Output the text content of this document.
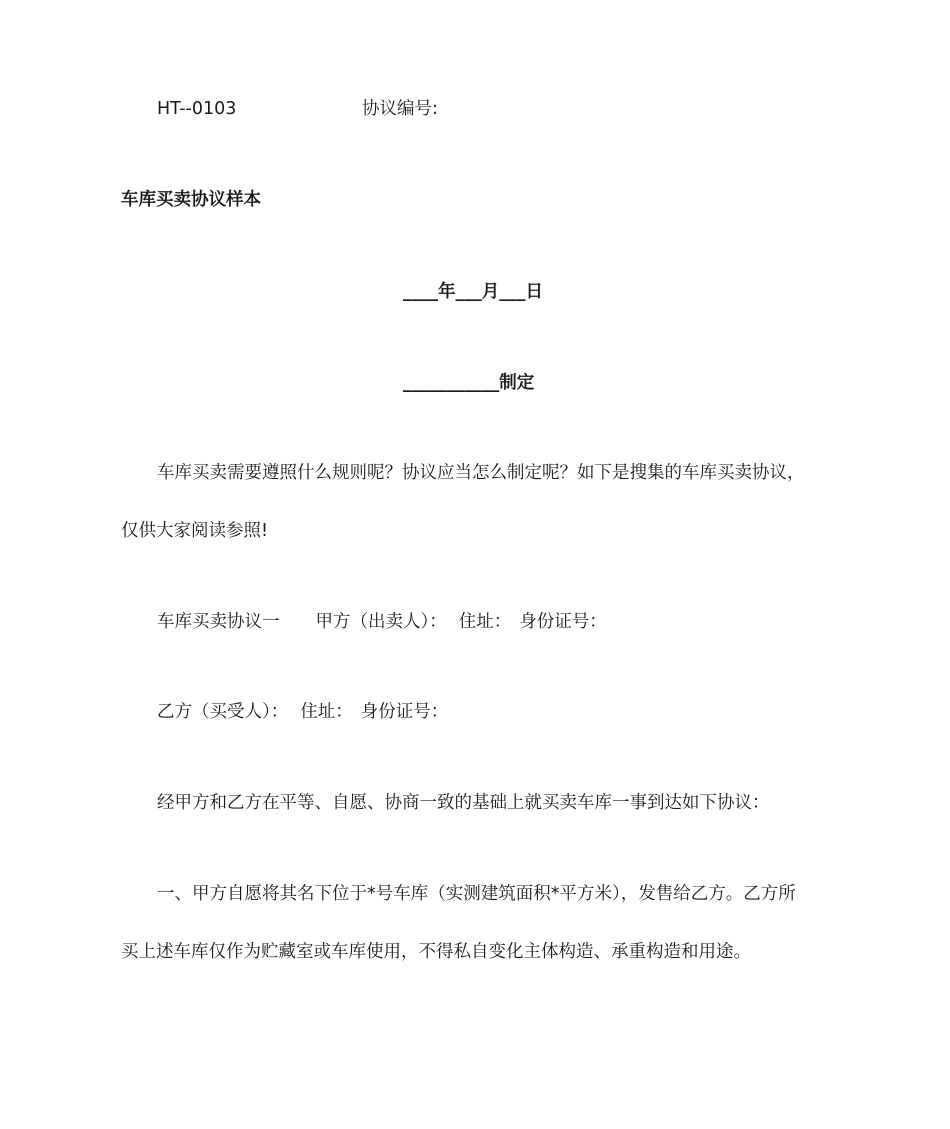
HT--0103	协议编号:
车库买卖协议样本
____年___月___日
___________制定
车库买卖需要遵照什么规则呢？协议应当怎么制定呢？如下是搜集的车库买卖协议，
仅供大家阅读参照!
车库买卖协议一 甲方（出卖人）： 住址： 身份证号：
乙方（买受人）： 住址： 身份证号：
经甲方和乙方在平等、自愿、协商一致的基础上就买卖车库一事到达如下协议：
一、甲方自愿将其名下位于*号车库（实测建筑面积*平方米），发售给乙方。乙方所
买上述车库仅作为贮藏室或车库使用，不得私自变化主体构造、承重构造和用途。
